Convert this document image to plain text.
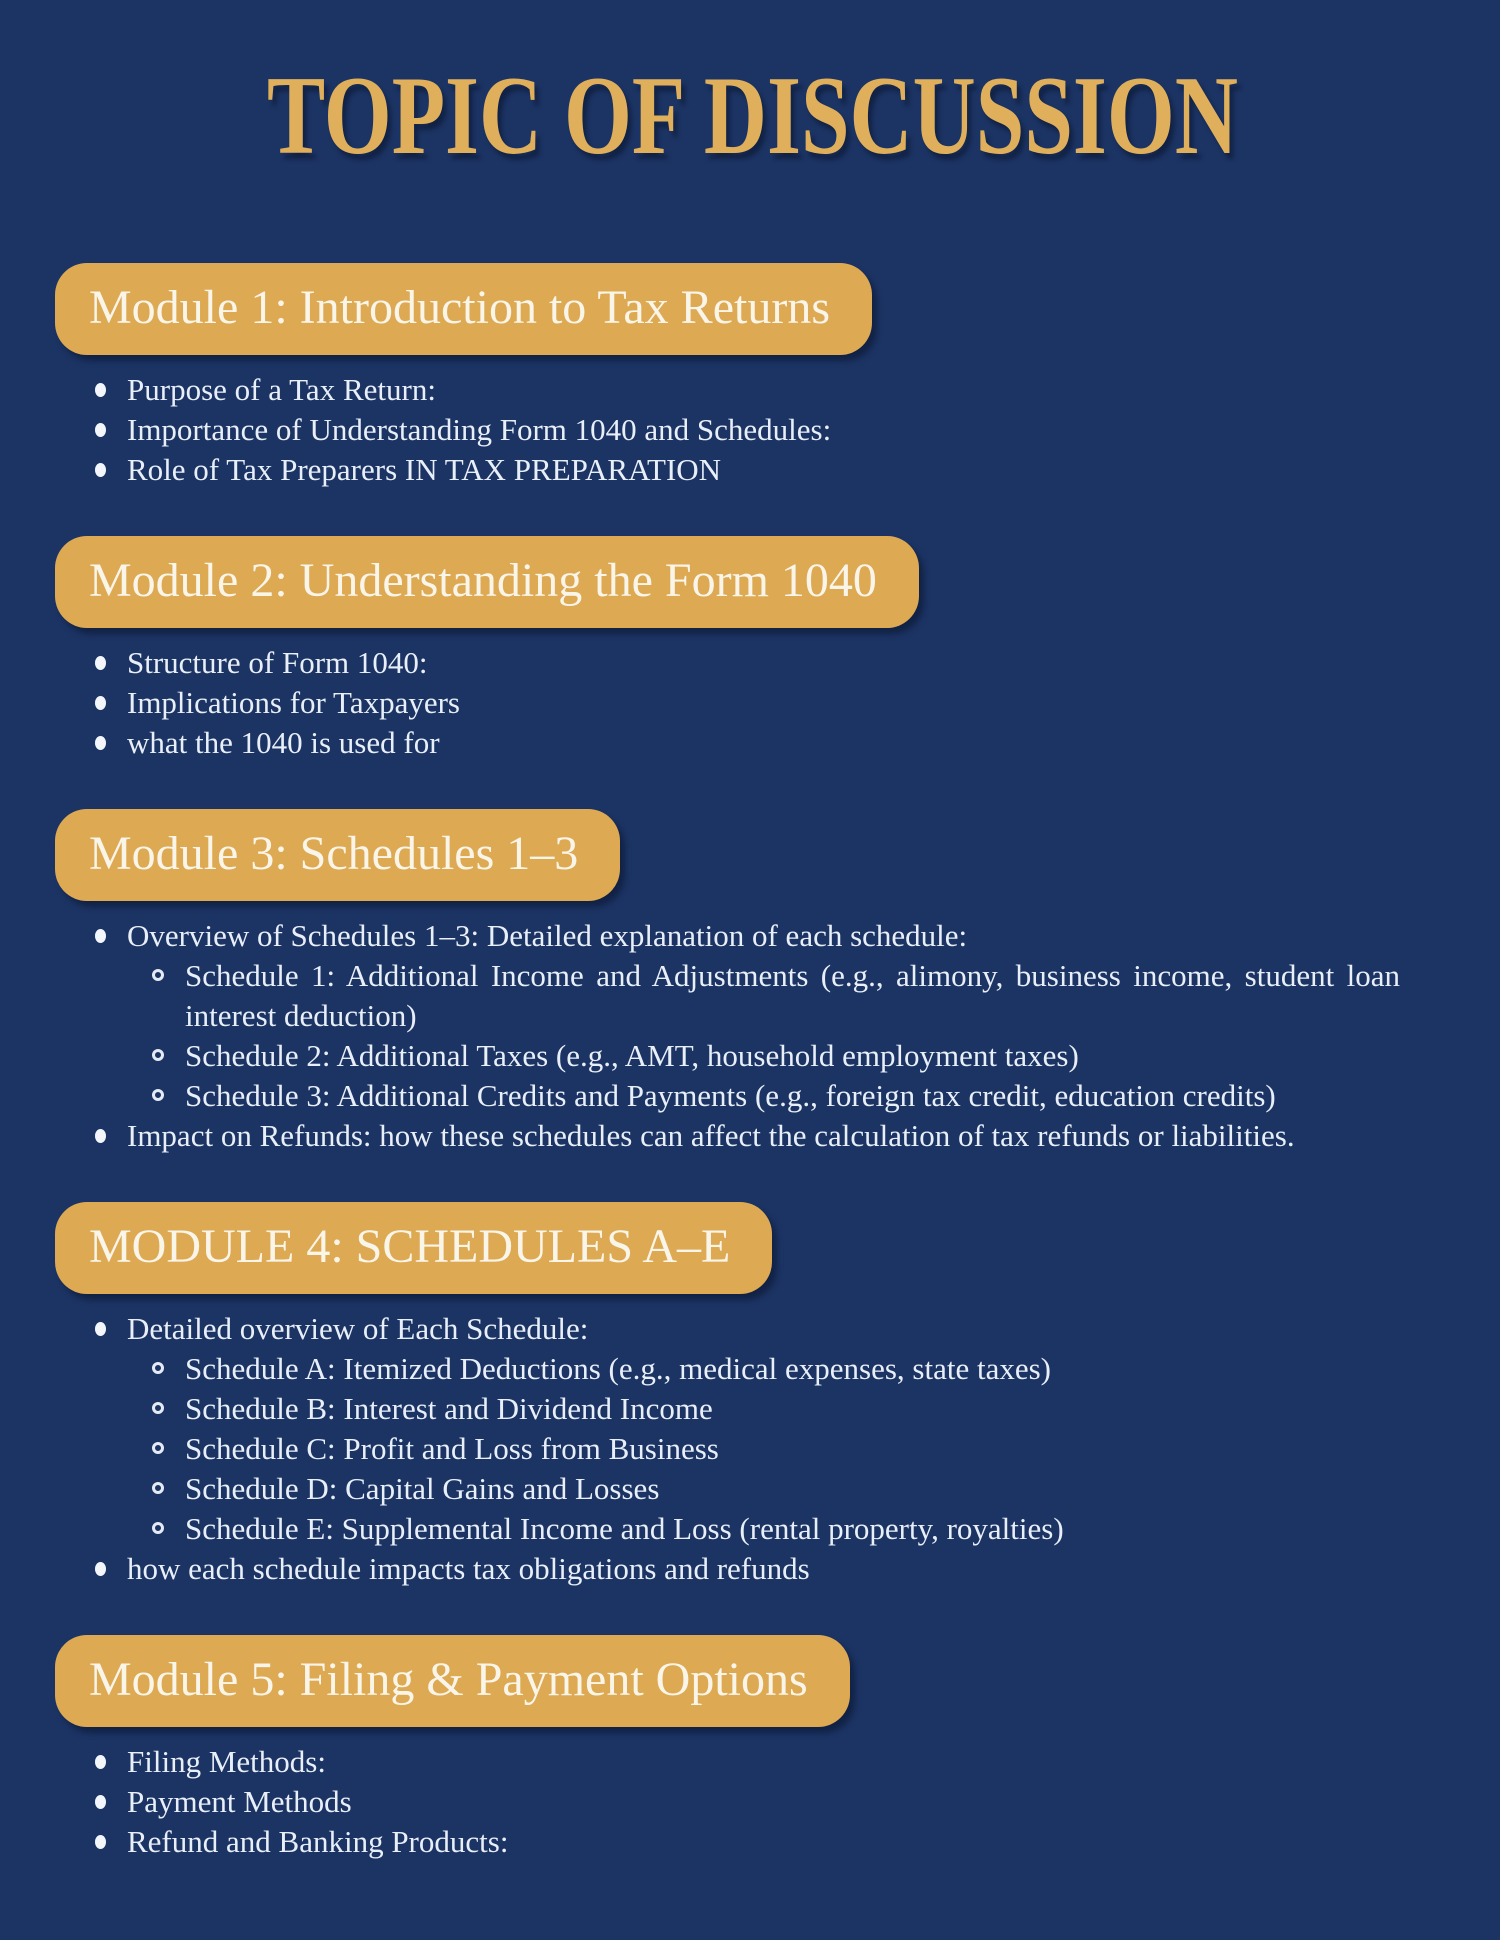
TOPIC OF DISCUSSION
Module 1: Introduction to Tax Returns
Purpose of a Tax Return:
Importance of Understanding Form 1040 and Schedules:
Role of Tax Preparers IN TAX PREPARATION
Module 2: Understanding the Form 1040
Structure of Form 1040:
Implications for Taxpayers
what the 1040 is used for
Module 3: Schedules 1–3
Overview of Schedules 1–3: Detailed explanation of each schedule:
Schedule 1: Additional Income and Adjustments (e.g., alimony, business income, student loan interest deduction)
Schedule 2: Additional Taxes (e.g., AMT, household employment taxes)
Schedule 3: Additional Credits and Payments (e.g., foreign tax credit, education credits)
Impact on Refunds: how these schedules can affect the calculation of tax refunds or liabilities.
MODULE 4: SCHEDULES A–E
Detailed overview of Each Schedule:
Schedule A: Itemized Deductions (e.g., medical expenses, state taxes)
Schedule B: Interest and Dividend Income
Schedule C: Profit and Loss from Business
Schedule D: Capital Gains and Losses
Schedule E: Supplemental Income and Loss (rental property, royalties)
how each schedule impacts tax obligations and refunds
Module 5: Filing & Payment Options
Filing Methods:
Payment Methods
Refund and Banking Products:
